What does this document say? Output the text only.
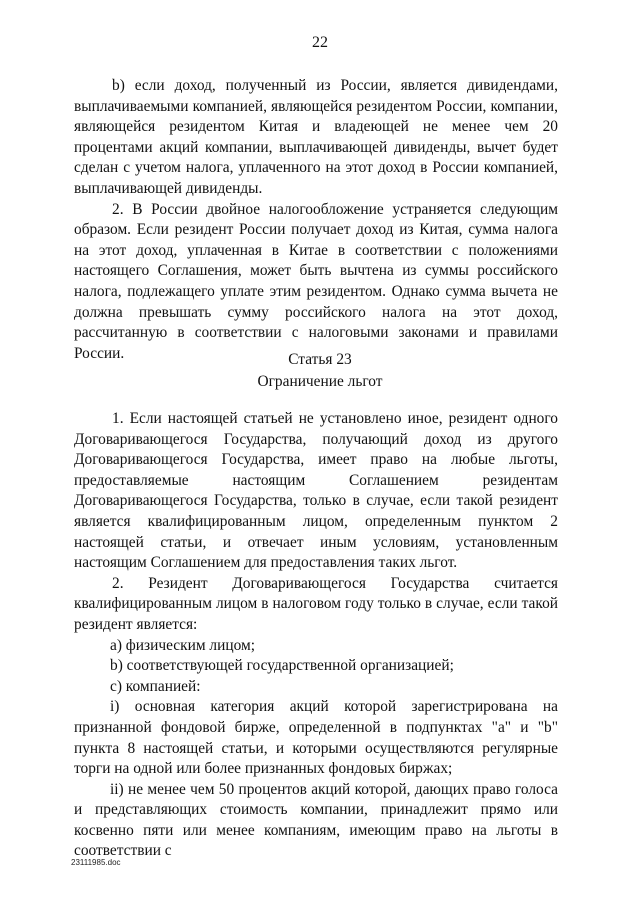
22

b) если доход, полученный из России, является дивидендами, выплачиваемыми компанией, являющейся резидентом России, компании, являющейся резидентом Китая и владеющей не менее чем 20 процентами акций компании, выплачивающей дивиденды, вычет будет сделан с учетом налога, уплаченного на этот доход в России компанией, выплачивающей дивиденды.

2. В России двойное налогообложение устраняется следующим образом. Если резидент России получает доход из Китая, сумма налога на этот доход, уплаченная в Китае в соответствии с положениями настоящего Соглашения, может быть вычтена из суммы российского налога, подлежащего уплате этим резидентом. Однако сумма вычета не должна превышать сумму российского налога на этот доход, рассчитанную в соответствии с налоговыми законами и правилами России.	Статья 23
Ограничение льгот

1. Если настоящей статьей не установлено иное, резидент одного Договаривающегося Государства, получающий доход из другого Договаривающегося Государства, имеет право на любые льготы, предоставляемые настоящим Соглашением резидентам Договаривающегося Государства, только в случае, если такой резидент является квалифицированным лицом, определенным пунктом 2 настоящей статьи, и отвечает иным условиям, установленным настоящим Соглашением для предоставления таких льгот.

2. Резидент Договаривающегося Государства считается квалифицированным лицом в налоговом году только в случае, если такой резидент является:

а) физическим лицом;

b) соответствующей государственной организацией;

c) компанией:

i) основная категория акций которой зарегистрирована на признанной фондовой бирже, определенной в подпунктах "a" и "b" пункта 8 настоящей статьи, и которыми осуществляются регулярные торги на одной или более признанных фондовых биржах;

ii) не менее чем 50 процентов акций которой, дающих право голоса и представляющих стоимость компании, принадлежит прямо или косвенно пяти или менее компаниям, имеющим право на льготы в соответствии с

23111985.doc
